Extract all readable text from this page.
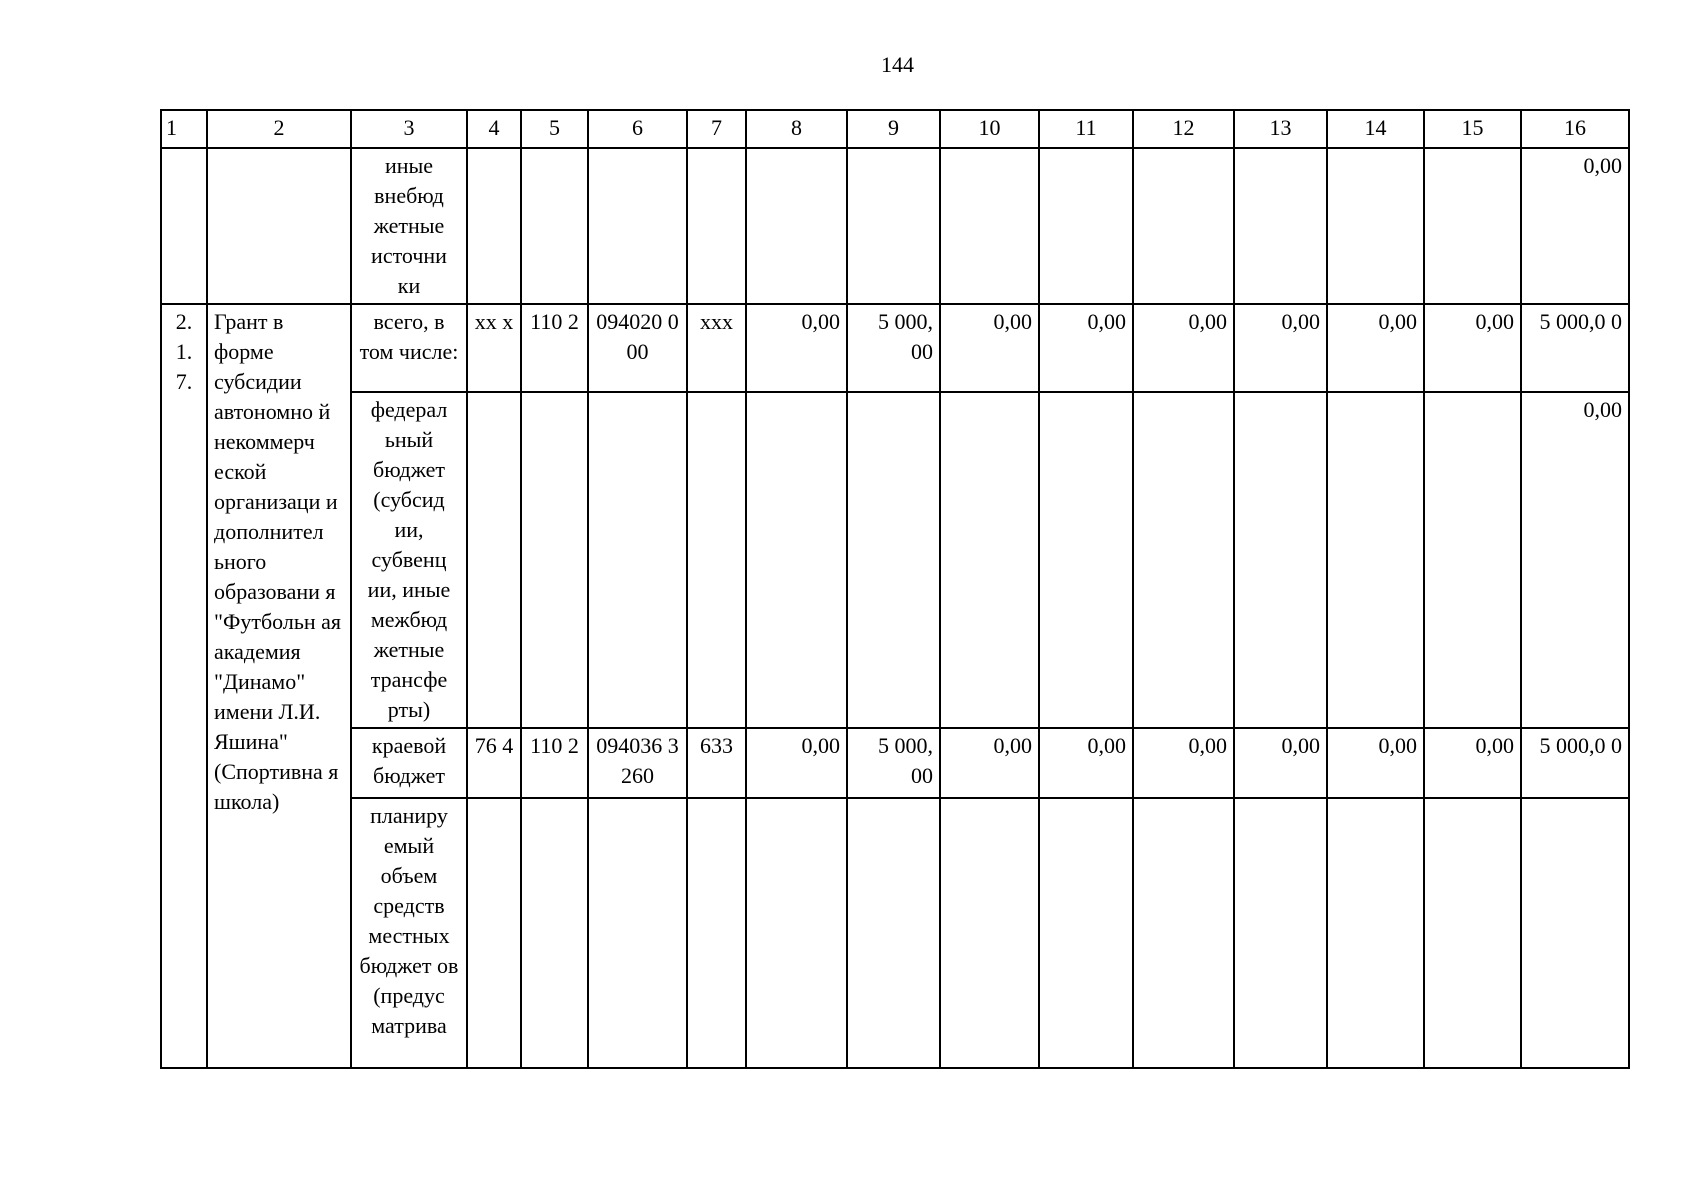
144
1	2	3	4	5	6	7	8	9	10	11	12	13	14	15	16	
		иные внебюд жетные источни ки													0,00	
2. 1. 7.	Грант в форме субсидии автономно й некоммерч еской организаци и дополнител ьного образовани я "Футбольн ая академия "Динамо" имени Л.И. Яшина" (Спортивна я школа)	всего, в том числе:	xx x	110 2	094020 000	xxx	0,00	5 000, 00	0,00	0,00	0,00	0,00	0,00	0,00	5 000,0 0	
		федерал ьный бюджет (субсид ии, субвенц ии, иные межбюд жетные трансфе рты)													0,00	
		краевой бюджет	76 4	110 2	094036 3260	633	0,00	5 000, 00	0,00	0,00	0,00	0,00	0,00	0,00	5 000,0 0	
		планиру емый объем средств местных бюджет ов (предус матрива														
